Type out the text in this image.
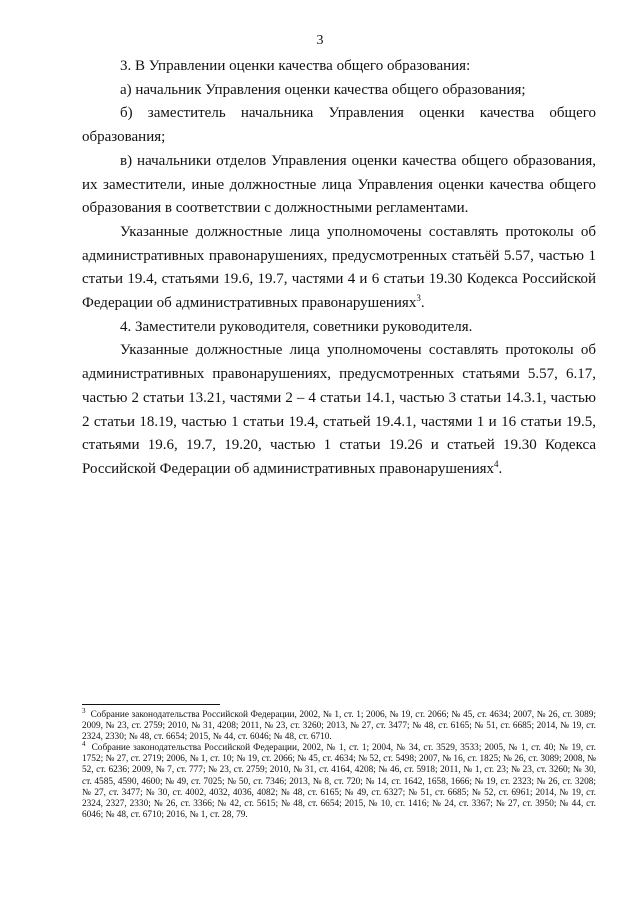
3

3. В Управлении оценки качества общего образования:

а) начальник Управления оценки качества общего образования;

б) заместитель начальника Управления оценки качества общего образования;

в) начальники отделов Управления оценки качества общего образования, их заместители, иные должностные лица Управления оценки качества общего образования в соответствии с должностными регламентами.

Указанные должностные лица уполномочены составлять протоколы об административных правонарушениях, предусмотренных статьёй 5.57, частью 1 статьи 19.4, статьями 19.6, 19.7, частями 4 и 6 статьи 19.30 Кодекса Российской Федерации об административных правонарушениях$^3$.

4. Заместители руководителя, советники руководителя.

Указанные должностные лица уполномочены составлять протоколы об административных правонарушениях, предусмотренных статьями 5.57, 6.17, частью 2 статьи 13.21, частями 2 – 4 статьи 14.1, частью 3 статьи 14.3.1, частью 2 статьи 18.19, частью 1 статьи 19.4, статьей 19.4.1, частями 1 и 16 статьи 19.5, статьями 19.6, 19.7, 19.20, частью 1 статьи 19.26 и статьей 19.30 Кодекса Российской Федерации об административных правонарушениях$^4$.

$^3$ Собрание законодательства Российской Федерации, 2002, № 1, ст. 1; 2006, № 19, ст. 2066; № 45, ст. 4634; 2007, № 26, ст. 3089; 2009, № 23, ст. 2759; 2010, № 31, 4208; 2011, № 23, ст. 3260; 2013, № 27, ст. 3477; № 48, ст. 6165; № 51, ст. 6685; 2014, № 19, ст. 2324, 2330; № 48, ст. 6654; 2015, № 44, ст. 6046; № 48, ст. 6710.

$^4$ Собрание законодательства Российской Федерации, 2002, № 1, ст. 1; 2004, № 34, ст. 3529, 3533; 2005, № 1, ст. 40; № 19, ст. 1752; № 27, ст. 2719; 2006, № 1, ст. 10; № 19, ст. 2066; № 45, ст. 4634; № 52, ст. 5498; 2007, № 16, ст. 1825; № 26, ст. 3089; 2008, № 52, ст. 6236; 2009, № 7, ст. 777; № 23, ст. 2759; 2010, № 31, ст. 4164, 4208; № 46, ст. 5918; 2011, № 1, ст. 23; № 23, ст. 3260; № 30, ст. 4585, 4590, 4600; № 49, ст. 7025; № 50, ст. 7346; 2013, № 8, ст. 720; № 14, ст. 1642, 1658, 1666; № 19, ст. 2323; № 26, ст. 3208; № 27, ст. 3477; № 30, ст. 4002, 4032, 4036, 4082; № 48, ст. 6165; № 49, ст. 6327; № 51, ст. 6685; № 52, ст. 6961; 2014, № 19, ст. 2324, 2327, 2330; № 26, ст. 3366; № 42, ст. 5615; № 48, ст. 6654; 2015, № 10, ст. 1416; № 24, ст. 3367; № 27, ст. 3950; № 44, ст. 6046; № 48, ст. 6710; 2016, № 1, ст. 28, 79.
